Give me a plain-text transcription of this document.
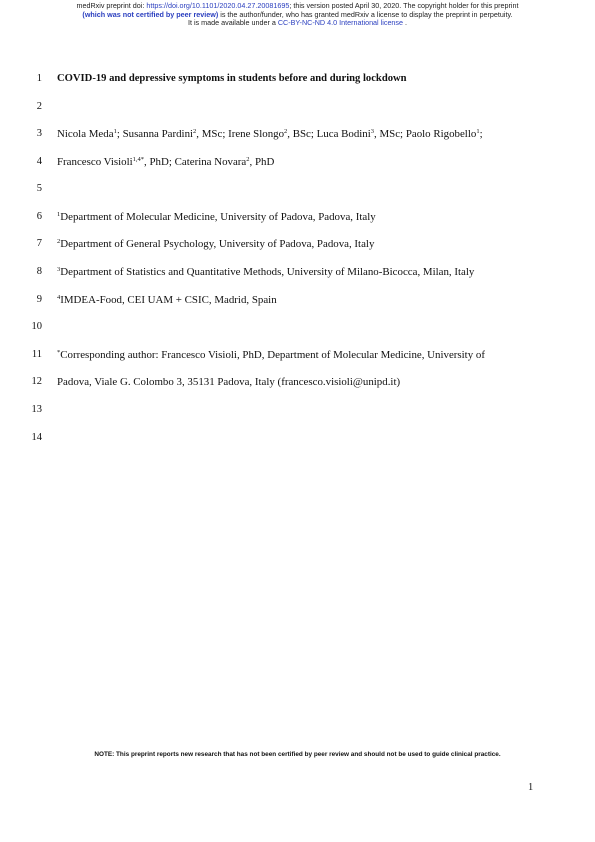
medRxiv preprint doi: https://doi.org/10.1101/2020.04.27.20081695; this version posted April 30, 2020. The copyright holder for this preprint
(which was not certified by peer review) is the author/funder, who has granted medRxiv a license to display the preprint in perpetuity.
It is made available under a CC-BY-NC-ND 4.0 International license .
1 COVID-19 and depressive symptoms in students before and during lockdown
2
3 Nicola Meda$^1$; Susanna Pardini$^2$, MSc; Irene Slongo$^2$, BSc; Luca Bodini$^3$, MSc; Paolo Rigobello$^1$;
4 Francesco Visioli$^{1,4*}$, PhD; Caterina Novara$^2$, PhD
5
6 $^1$Department of Molecular Medicine, University of Padova, Padova, Italy
7 $^2$Department of General Psychology, University of Padova, Padova, Italy
8 $^3$Department of Statistics and Quantitative Methods, University of Milano-Bicocca, Milan, Italy
9 $^4$IMDEA-Food, CEI UAM + CSIC, Madrid, Spain
10
11 *Corresponding author: Francesco Visioli, PhD, Department of Molecular Medicine, University of
12 Padova, Viale G. Colombo 3, 35131 Padova, Italy (francesco.visioli@unipd.it)
13
14
NOTE: This preprint reports new research that has not been certified by peer review and should not be used to guide clinical practice.
1
